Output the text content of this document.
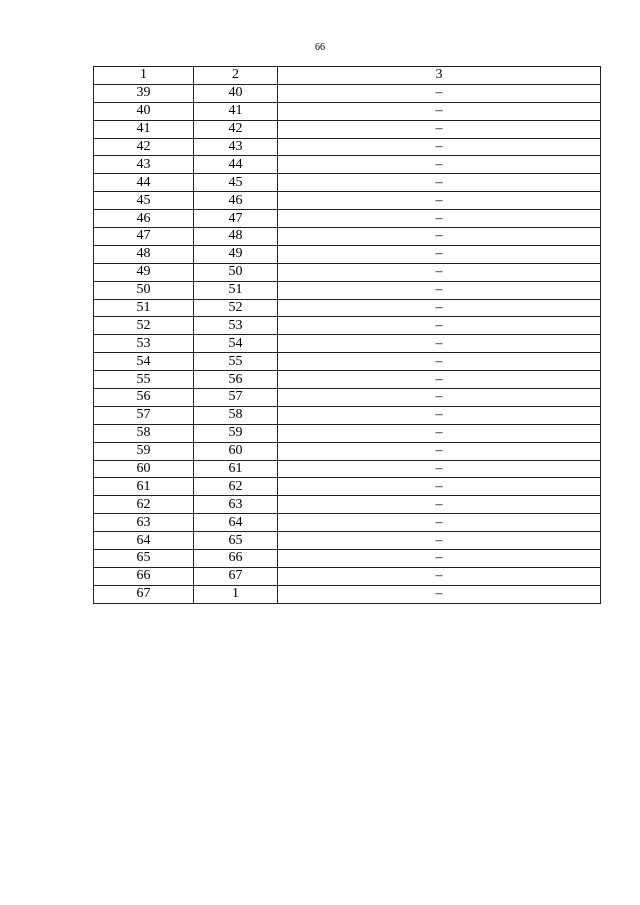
66
1	2	3
39	40	–
40	41	–
41	42	–
42	43	–
43	44	–
44	45	–
45	46	–
46	47	–
47	48	–
48	49	–
49	50	–
50	51	–
51	52	–
52	53	–
53	54	–
54	55	–
55	56	–
56	57	–
57	58	–
58	59	–
59	60	–
60	61	–
61	62	–
62	63	–
63	64	–
64	65	–
65	66	–
66	67	–
67	1	–
